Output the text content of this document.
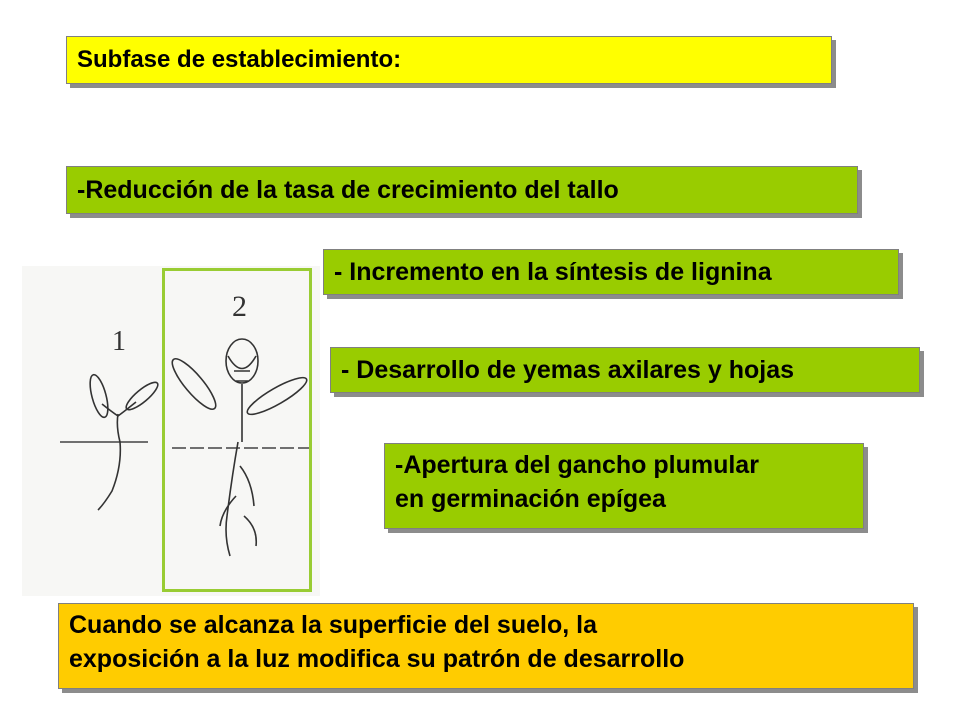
Subfase de establecimiento:
-Reducción de la tasa de crecimiento del tallo
- Incremento en la síntesis de lignina
- Desarrollo de yemas axilares y hojas
-Apertura del gancho plumular
en germinación epígea
Cuando se alcanza la superficie del suelo, la
exposición a la luz modifica su patrón de desarrollo
1
2
